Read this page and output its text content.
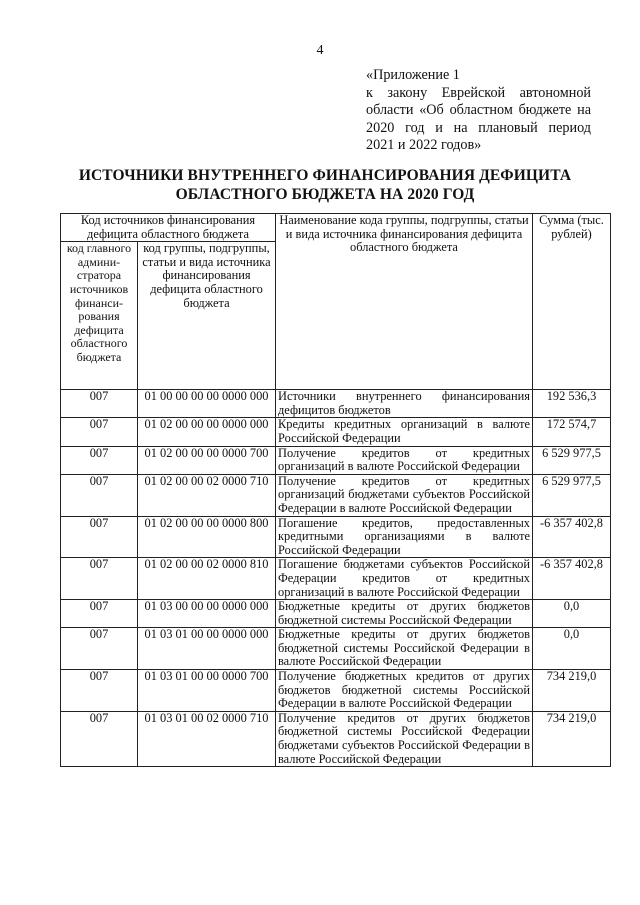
4
«Приложение 1
к закону Еврейской автономной
области «Об областном бюджете на
2020 год и на плановый период
2021 и 2022 годов»
ИСТОЧНИКИ ВНУТРЕННЕГО ФИНАНСИРОВАНИЯ ДЕФИЦИТА
ОБЛАСТНОГО БЮДЖЕТА НА 2020 ГОД
Код источников финансирования дефицита областного бюджета		Наименование кода группы, подгруппы, статьи и вида источника финансирования дефицита областного бюджета	Сумма (тыс. рублей)
код главного админи-стратора источников финанси-рования дефицита областного бюджета	код группы, подгруппы, статьи и вида источника финансирования дефицита областного бюджета		
007	01 00 00 00 00 0000 000	Источники внутреннего финансирования дефицитов бюджетов	192 536,3
007	01 02 00 00 00 0000 000	Кредиты кредитных организаций в валюте Российской Федерации	172 574,7
007	01 02 00 00 00 0000 700	Получение кредитов от кредитных организаций в валюте Российской Федерации	6 529 977,5
007	01 02 00 00 02 0000 710	Получение кредитов от кредитных организаций бюджетами субъектов Российской Федерации в валюте Российской Федерации	6 529 977,5
007	01 02 00 00 00 0000 800	Погашение кредитов, предоставленных кредитными организациями в валюте Российской Федерации	-6 357 402,8
007	01 02 00 00 02 0000 810	Погашение бюджетами субъектов Российской Федерации кредитов от кредитных организаций в валюте Российской Федерации	-6 357 402,8
007	01 03 00 00 00 0000 000	Бюджетные кредиты от других бюджетов бюджетной системы Российской Федерации	0,0
007	01 03 01 00 00 0000 000	Бюджетные кредиты от других бюджетов бюджетной системы Российской Федерации в валюте Российской Федерации	0,0
007	01 03 01 00 00 0000 700	Получение бюджетных кредитов от других бюджетов бюджетной системы Российской Федерации в валюте Российской Федерации	734 219,0
007	01 03 01 00 02 0000 710	Получение кредитов от других бюджетов бюджетной системы Российской Федерации бюджетами субъектов Российской Федерации в валюте Российской Федерации	734 219,0
